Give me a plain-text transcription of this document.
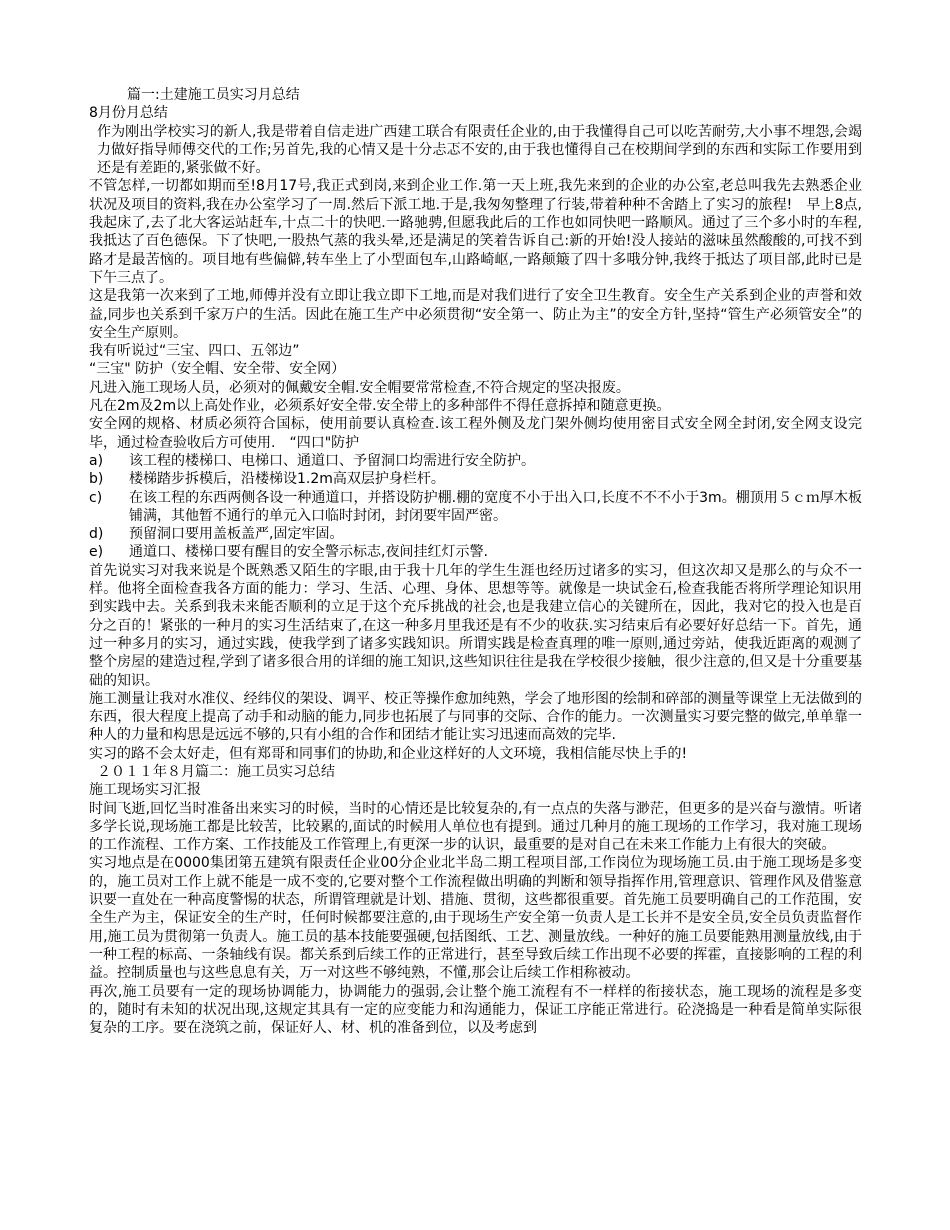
篇一:土建施工员实习月总结

8月份月总结

作为刚出学校实习的新人,我是带着自信走进广西建工联合有限责任企业的,由于我懂得自己可以吃苦耐劳,大小事不埋怨,会竭力做好指导师傅交代的工作;另首先,我的心情又是十分忐忑不安的,由于我也懂得自己在校期间学到的东西和实际工作要用到还是有差距的,紧张做不好。

不管怎样,一切都如期而至!8月17号,我正式到岗,来到企业工作.第一天上班,我先来到的企业的办公室,老总叫我先去熟悉企业状况及项目的资料,我在办公室学习了一周.然后下派工地.于是,我匆匆整理了行装,带着种种不舍踏上了实习的旅程!　早上8点,我起床了,去了北大客运站赶车,十点二十的快吧.一路驰骋,但愿我此后的工作也如同快吧一路顺风。通过了三个多小时的车程,我抵达了百色德保。下了快吧,一股热气蒸的我头晕,还是满足的笑着告诉自己:新的开始!没人接站的滋味虽然酸酸的,可找不到路才是最苦恼的。项目地有些偏僻,转车坐上了小型面包车,山路崎岖,一路颠簸了四十多哦分钟,我终于抵达了项目部,此时已是下午三点了。

这是我第一次来到了工地,师傅并没有立即让我立即下工地,而是对我们进行了安全卫生教育。安全生产关系到企业的声誉和效益,同步也关系到千家万户的生活。因此在施工生产中必须贯彻“安全第一、防止为主”的安全方针,坚持“管生产必须管安全”的安全生产原则。

我有听说过“三宝、四口、五邻边”

“三宝" 防护（安全帽、安全带、安全网）

凡进入施工现场人员，必须对的佩戴安全帽.安全帽要常常检查,不符合规定的坚决报废。

凡在2m及2m以上高处作业，必须系好安全带.安全带上的多种部件不得任意拆掉和随意更换。

安全网的规格、材质必须符合国标，使用前要认真检查.该工程外侧及龙门架外侧均使用密目式安全网全封闭,安全网支设完毕，通过检查验收后方可使用.　“四口"防护

a)	该工程的楼梯口、电梯口、通道口、予留洞口均需进行安全防护。
b)	楼梯踏步拆模后，沿楼梯设1.2m高双层护身栏杆。
c)	在该工程的东西两侧各设一种通道口，并搭设防护棚.棚的宽度不小于出入口,长度不不不小于3m。棚顶用５ｃｍ厚木板铺满，其他暂不通行的单元入口临时封闭，封闭要牢固严密。
d)	预留洞口要用盖板盖严,固定牢固。
e)	通道口、楼梯口要有醒目的安全警示标志,夜间挂红灯示警.

首先说实习对我来说是个既熟悉又陌生的字眼,由于我十几年的学生生涯也经历过诸多的实习，但这次却又是那么的与众不一样。他将全面检查我各方面的能力：学习、生活、心理、身体、思想等等。就像是一块试金石,检查我能否将所学理论知识用到实践中去。关系到我未来能否顺利的立足于这个充斥挑战的社会,也是我建立信心的关键所在，因此，我对它的投入也是百分之百的！紧张的一种月的实习生活结束了,在这一种多月里我还是有不少的收获.实习结束后有必要好好总结一下。首先，通过一种多月的实习，通过实践，使我学到了诸多实践知识。所谓实践是检查真理的唯一原则,通过旁站，使我近距离的观测了整个房屋的建造过程,学到了诸多很合用的详细的施工知识,这些知识往往是我在学校很少接触，很少注意的,但又是十分重要基础的知识。

施工测量让我对水准仪、经纬仪的架设、调平、校正等操作愈加纯熟，学会了地形图的绘制和碎部的测量等课堂上无法做到的东西，很大程度上提高了动手和动脑的能力,同步也拓展了与同事的交际、合作的能力。一次测量实习要完整的做完,单单靠一种人的力量和构思是远远不够的,只有小组的合作和团结才能让实习迅速而高效的完毕.

实习的路不会太好走，但有郑哥和同事们的协助,和企业这样好的人文环境，我相信能尽快上手的!

２０１１年８月篇二：施工员实习总结

施工现场实习汇报

时间飞逝,回忆当时准备出来实习的时候，当时的心情还是比较复杂的,有一点点的失落与渺茫，但更多的是兴奋与激情。听诸多学长说,现场施工都是比较苦，比较累的,面试的时候用人单位也有提到。通过几种月的施工现场的工作学习，我对施工现场的工作流程、工作方案、工作技能及工作管理上,有更深一步的认识，最重要的是对自己在未来工作能力上有很大的突破。

实习地点是在0000集团第五建筑有限责任企业00分企业北半岛二期工程项目部,工作岗位为现场施工员.由于施工现场是多变的，施工员对工作上就不能是一成不变的,它要对整个工作流程做出明确的判断和领导指挥作用,管理意识、管理作风及借鉴意识要一直处在一种高度警惕的状态，所谓管理就是计划、措施、贯彻，这些都很重要。首先施工员要明确自己的工作范围，安全生产为主，保证安全的生产时，任何时候都要注意的,由于现场生产安全第一负责人是工长并不是安全员,安全员负责监督作用,施工员为贯彻第一负责人。施工员的基本技能要强硬,包括图纸、工艺、测量放线。一种好的施工员要能熟用测量放线,由于一种工程的标高、一条轴线有误。都关系到后续工作的正常进行，甚至导致后续工作出现不必要的挥霍，直接影响的工程的利益。控制质量也与这些息息有关，万一对这些不够纯熟，不懂,那会让后续工作相称被动。

再次,施工员要有一定的现场协调能力，协调能力的强弱,会让整个施工流程有不一样样的衔接状态，施工现场的流程是多变的，随时有未知的状况出现,这规定其具有一定的应变能力和沟通能力，保证工序能正常进行。砼浇捣是一种看是简单实际很复杂的工序。要在浇筑之前，保证好人、材、机的准备到位，以及考虑到
